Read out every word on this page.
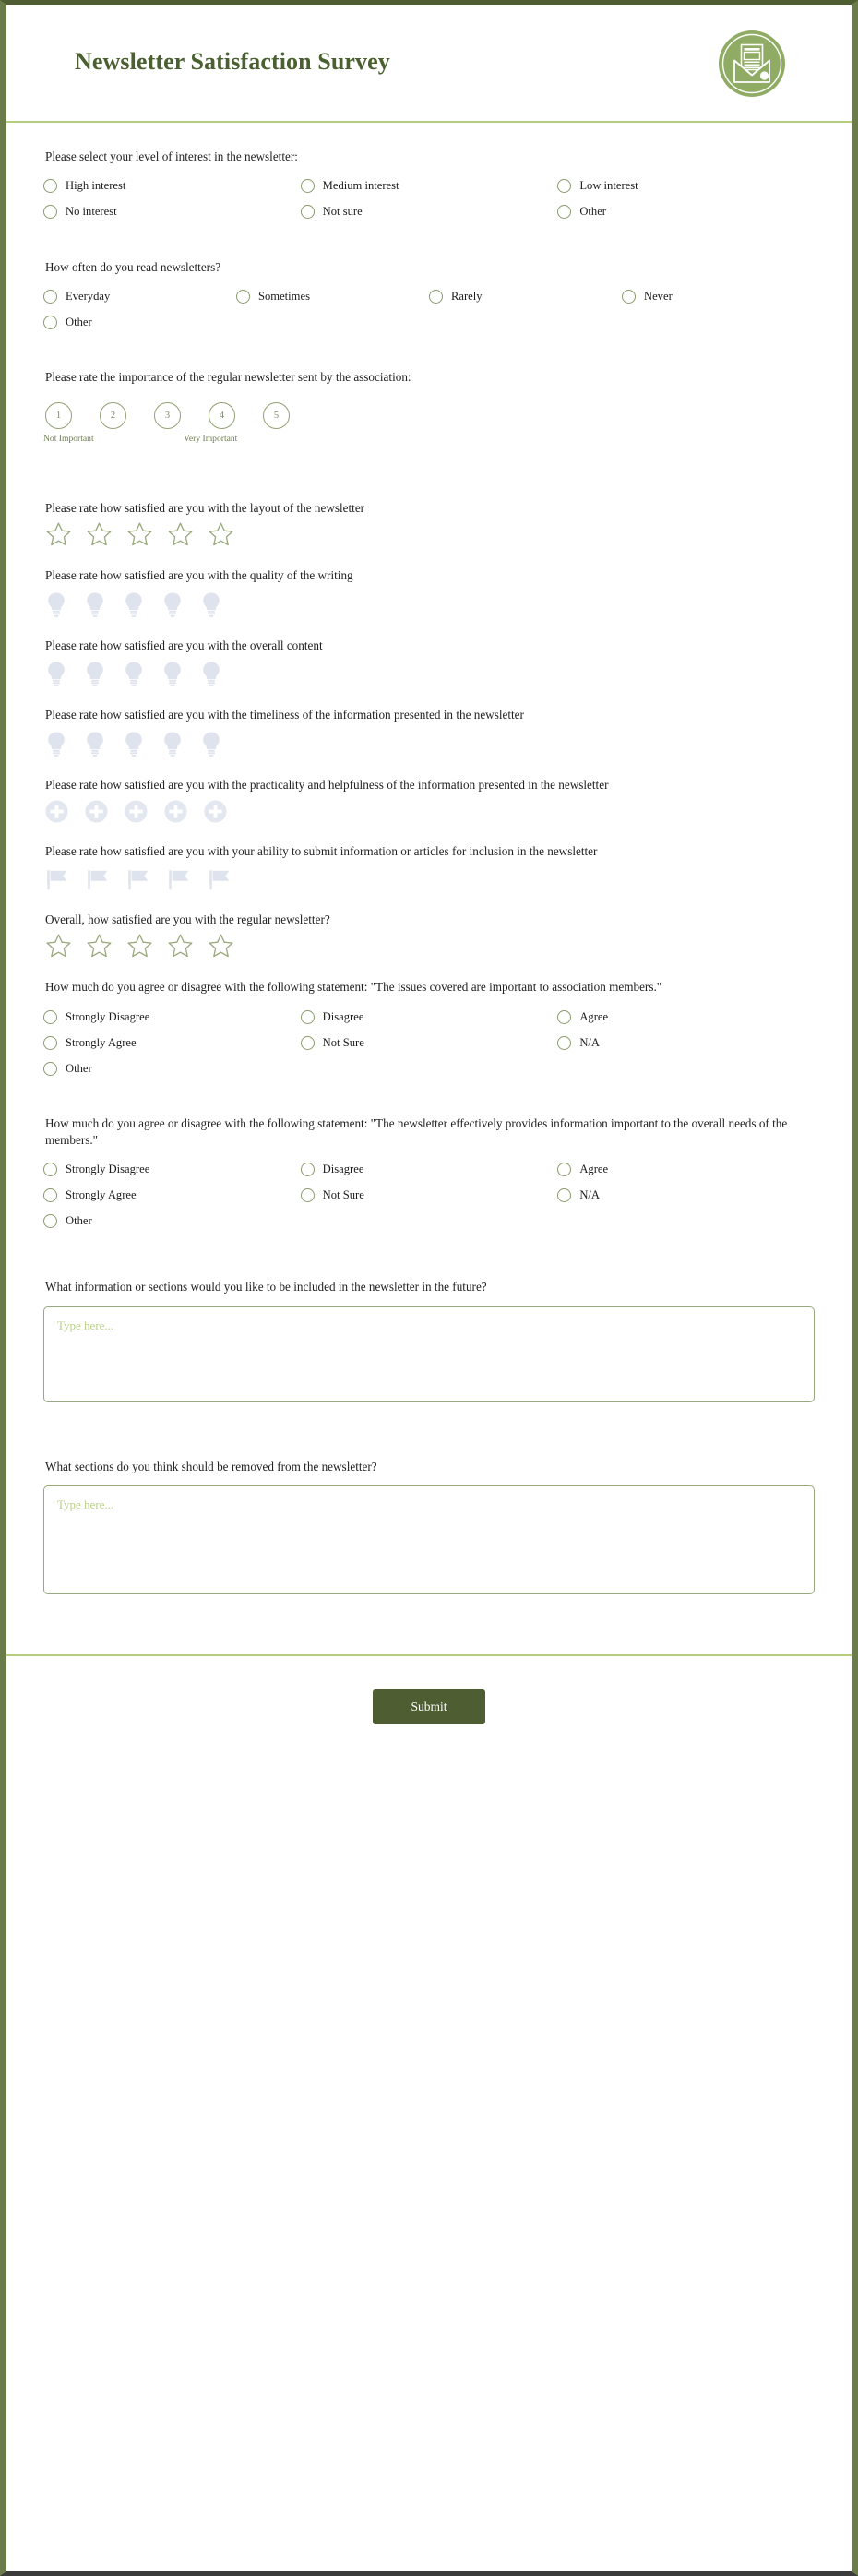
Newsletter Satisfaction Survey
Please select your level of interest in the newsletter:
High interest	Medium interest	Low interest
No interest	Not sure	Other
How often do you read newsletters?
Everyday	Sometimes	Rarely	Never
Other
Please rate the importance of the regular newsletter sent by the association:
1	2	3	4	5
Not Important	Very Important
Please rate how satisfied are you with the layout of the newsletter
Please rate how satisfied are you with the quality of the writing
Please rate how satisfied are you with the overall content
Please rate how satisfied are you with the timeliness of the information presented in the newsletter
Please rate how satisfied are you with the practicality and helpfulness of the information presented in the newsletter
Please rate how satisfied are you with your ability to submit information or articles for inclusion in the newsletter
Overall, how satisfied are you with the regular newsletter?
How much do you agree or disagree with the following statement: "The issues covered are important to association members."
Strongly Disagree	Disagree	Agree
Strongly Agree	Not Sure	N/A
Other
How much do you agree or disagree with the following statement: "The newsletter effectively provides information important to the overall needs of the members."
Strongly Disagree	Disagree	Agree
Strongly Agree	Not Sure	N/A
Other
What information or sections would you like to be included in the newsletter in the future?
Type here...
What sections do you think should be removed from the newsletter?
Type here...
Submit
